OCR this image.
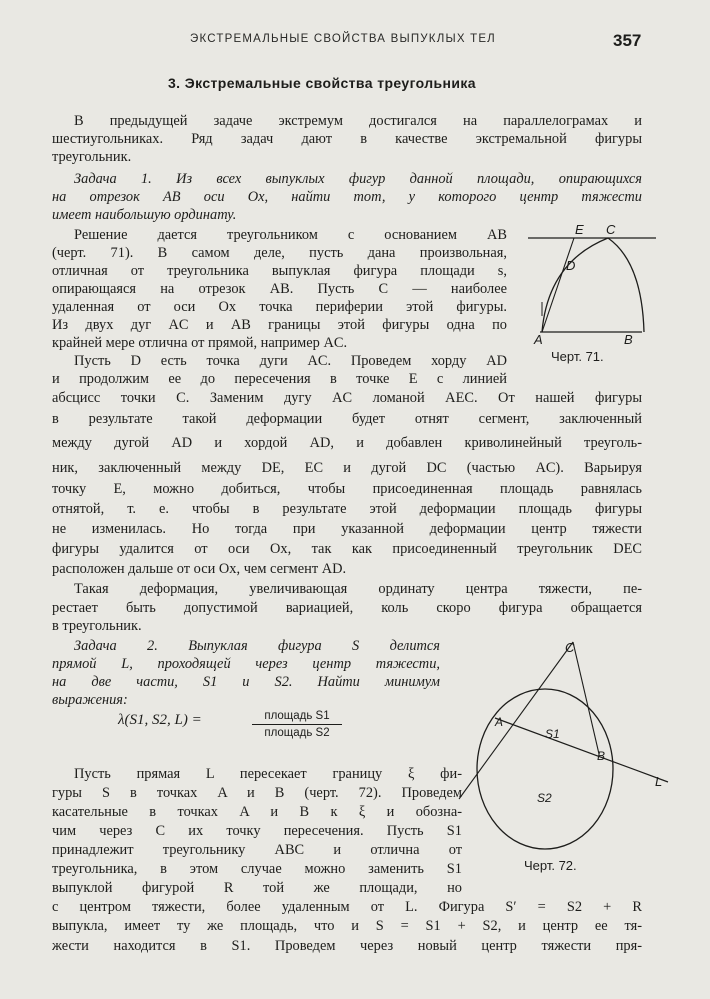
ЭКСТРЕМАЛЬНЫЕ СВОЙСТВА ВЫПУКЛЫХ ТЕЛ	357
3. Экстремальные свойства треугольника
В предыдущей задаче экстремум достигался на параллелограмах и
шестиугольниках. Ряд задач дают в качестве экстремальной фигуры
треугольник.
Задача 1. Из всех выпуклых фигур данной площади, опирающихся
на отрезок AB оси Ox, найти тот, у которого центр тяжести
имеет наибольшую ординату.
Решение дается треугольником с основанием AB
(черт. 71). В самом деле, пусть дана произвольная,
отличная от треугольника выпуклая фигура площади s,
опирающаяся на отрезок AB. Пусть C — наиболее
удаленная от оси Ox точка периферии этой фигуры.
Из двух дуг AC и AB границы этой фигуры одна по
крайней мере отлична от прямой, например AC.
Пусть D есть точка дуги AC. Проведем хорду AD
и продолжим ее до пересечения в точке E с линией
абсцисс точки C. Заменим дугу AC ломаной AEC. От нашей фигуры
в результате такой деформации будет отнят сегмент, заключенный
между дугой AD и хордой AD, и добавлен криволинейный треуголь-
ник, заключенный между DE, EC и дугой DC (частью AC). Варьируя
точку E, можно добиться, чтобы присоединенная площадь равнялась
отнятой, т. е. чтобы в результате этой деформации площадь фигуры
не изменилась. Но тогда при указанной деформации центр тяжести
фигуры удалится от оси Ox, так как присоединенный треугольник DEC
расположен дальше от оси Ox, чем сегмент AD.
Такая деформация, увеличивающая ординату центра тяжести, пе-
рестает быть допустимой вариацией, коль скоро фигура обращается
в треугольник.
Задача 2. Выпуклая фигура S делится
прямой L, проходящей через центр тяжести,
на две части, S1 и S2. Найти минимум
выражения:
λ(S1, S2, L) =	площадь S1
площадь S2
Пусть прямая L пересекает границу ξ фи-
гуры S в точках A и B (черт. 72). Проведем
касательные в точках A и B к ξ и обозна-
чим через C их точку пересечения. Пусть S1
принадлежит треугольнику ABC и отлична от
треугольника, в этом случае можно заменить S1
выпуклой фигурой R той же площади, но
с центром тяжести, более удаленным от L. Фигура S′ = S2 + R
выпукла, имеет ту же площадь, что и S = S1 + S2, и центр ее тя-
жести находится в S1. Проведем через новый центр тяжести пря-
E C
D
A	B
Черт. 71.
C
A
B
S1
S2
L
Черт. 72.
